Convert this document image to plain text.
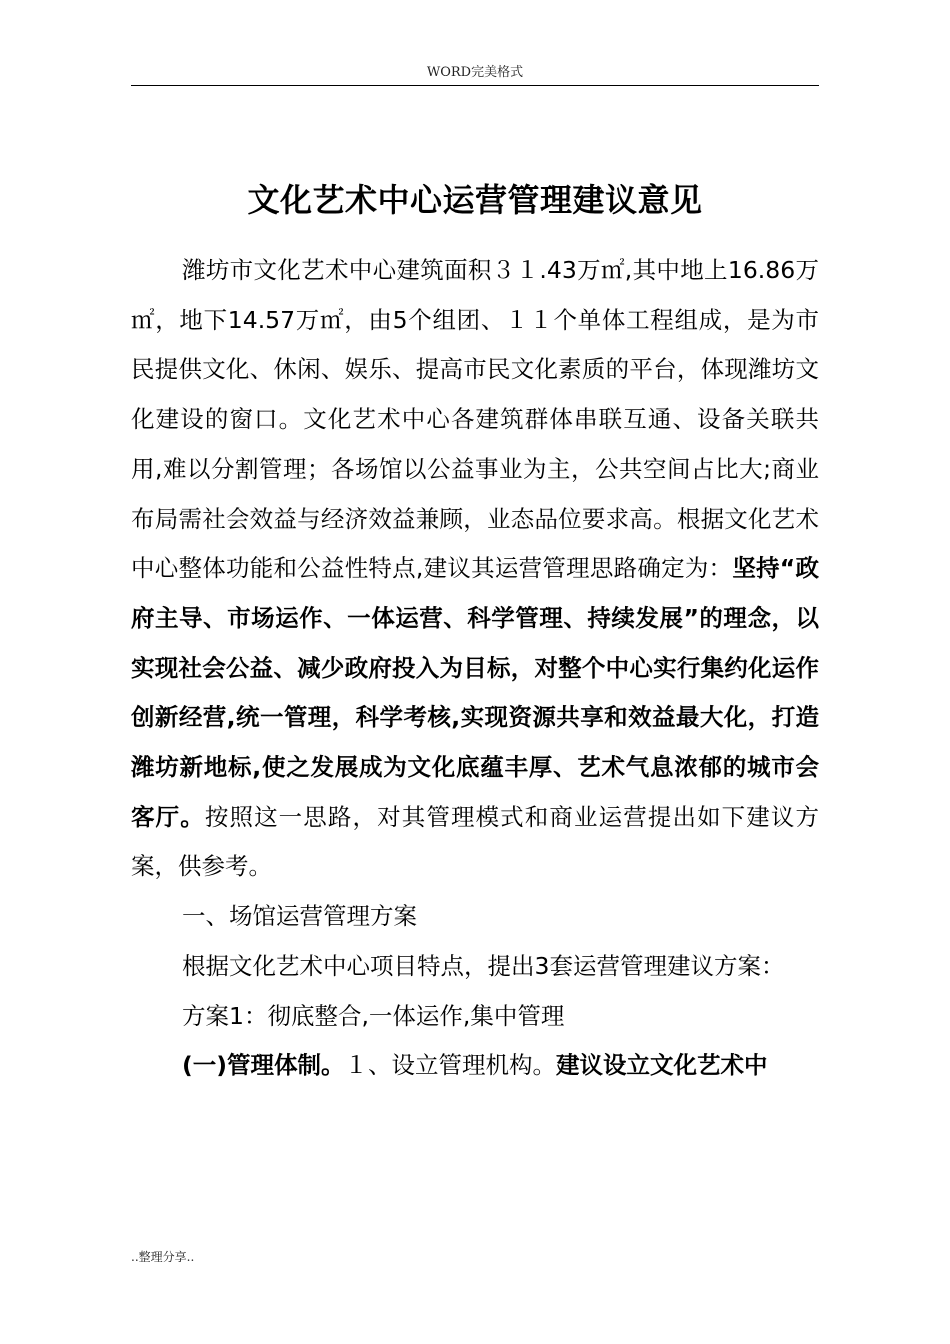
WORD完美格式
文化艺术中心运营管理建议意见

潍坊市文化艺术中心建筑面积３１.43万㎡,其中地上16.86万㎡，地下14.57万㎡，由5个组团、１１个单体工程组成，是为市民提供文化、休闲、娱乐、提高市民文化素质的平台，体现潍坊文化建设的窗口。文化艺术中心各建筑群体串联互通、设备关联共用,难以分割管理；各场馆以公益事业为主，公共空间占比大;商业布局需社会效益与经济效益兼顾，业态品位要求高。根据文化艺术中心整体功能和公益性特点,建议其运营管理思路确定为：坚持“政府主导、市场运作、一体运营、科学管理、持续发展”的理念，以实现社会公益、减少政府投入为目标，对整个中心实行集约化运作创新经营,统一管理，科学考核,实现资源共享和效益最大化，打造潍坊新地标,使之发展成为文化底蕴丰厚、艺术气息浓郁的城市会客厅。按照这一思路，对其管理模式和商业运营提出如下建议方案，供参考。

一、场馆运营管理方案

根据文化艺术中心项目特点，提出3套运营管理建议方案：

方案1：彻底整合,一体运作,集中管理

(一)管理体制。１、设立管理机构。建议设立文化艺术中

..整理分享..
